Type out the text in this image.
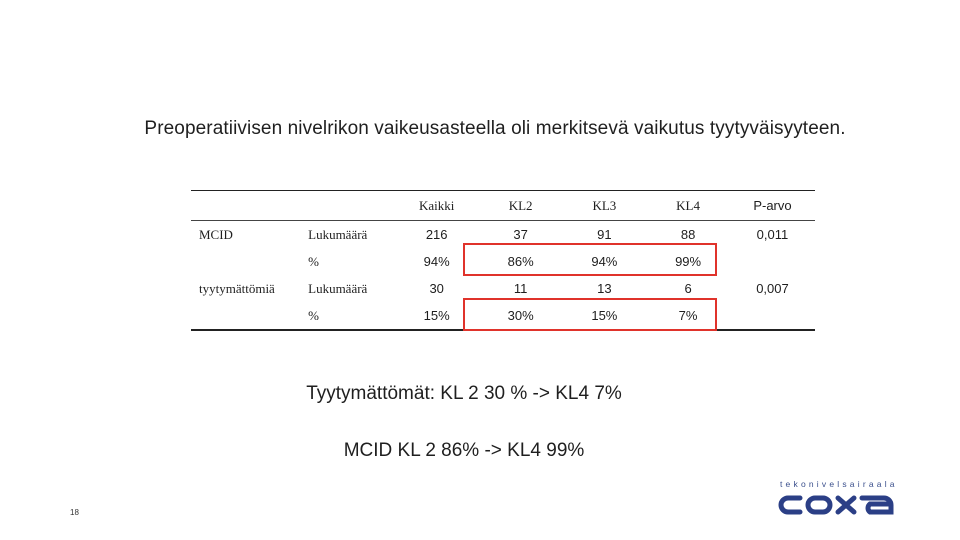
Preoperatiivisen nivelrikon vaikeusasteella oli merkitsevä vaikutus tyytyväisyyteen.
		Kaikki	KL2	KL3	KL4	P-arvo
MCID	Lukumäärä	216	37	91	88	0,011
	%	94%	86%	94%	99%	
tyytymättömiä	Lukumäärä	30	11	13	6	0,007
	%	15%	30%	15%	7%	
Tyytymättömät: KL 2 30 % -> KL4 7%
MCID KL 2 86% -> KL4 99%
18
tekonivelsairaala
